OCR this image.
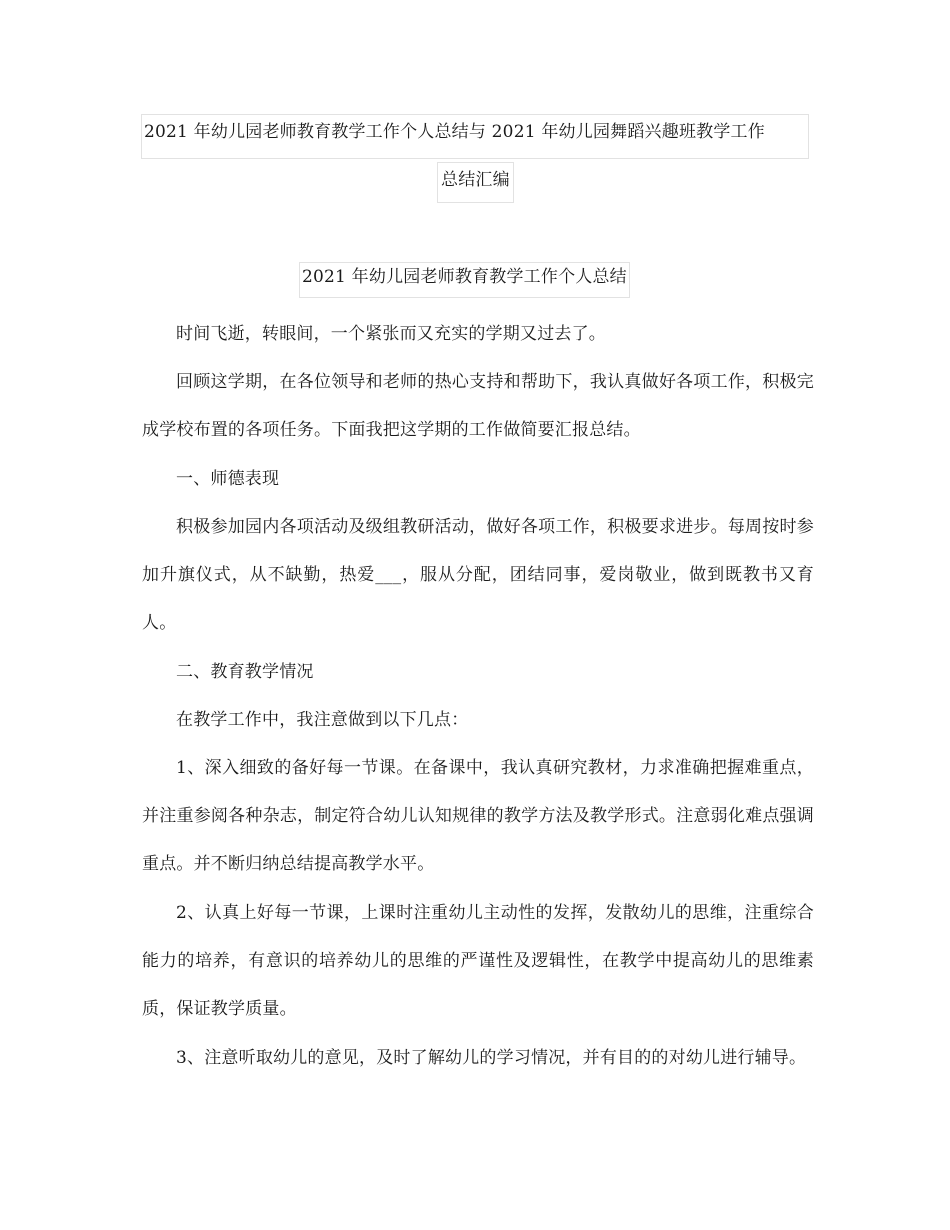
2021 年幼儿园老师教育教学工作个人总结与 2021 年幼儿园舞蹈兴趣班教学工作
总结汇编
2021 年幼儿园老师教育教学工作个人总结

时间飞逝，转眼间，一个紧张而又充实的学期又过去了。

回顾这学期，在各位领导和老师的热心支持和帮助下，我认真做好各项工作，积极完成学校布置的各项任务。下面我把这学期的工作做简要汇报总结。

一、师德表现

积极参加园内各项活动及级组教研活动，做好各项工作，积极要求进步。每周按时参加升旗仪式，从不缺勤，热爱___，服从分配，团结同事，爱岗敬业，做到既教书又育人。

二、教育教学情况

在教学工作中，我注意做到以下几点：

1、深入细致的备好每一节课。在备课中，我认真研究教材，力求准确把握难重点，并注重参阅各种杂志，制定符合幼儿认知规律的教学方法及教学形式。注意弱化难点强调重点。并不断归纳总结提高教学水平。

2、认真上好每一节课，上课时注重幼儿主动性的发挥，发散幼儿的思维，注重综合能力的培养，有意识的培养幼儿的思维的严谨性及逻辑性，在教学中提高幼儿的思维素质，保证教学质量。

3、注意听取幼儿的意见，及时了解幼儿的学习情况，并有目的的对幼儿进行辅导。
